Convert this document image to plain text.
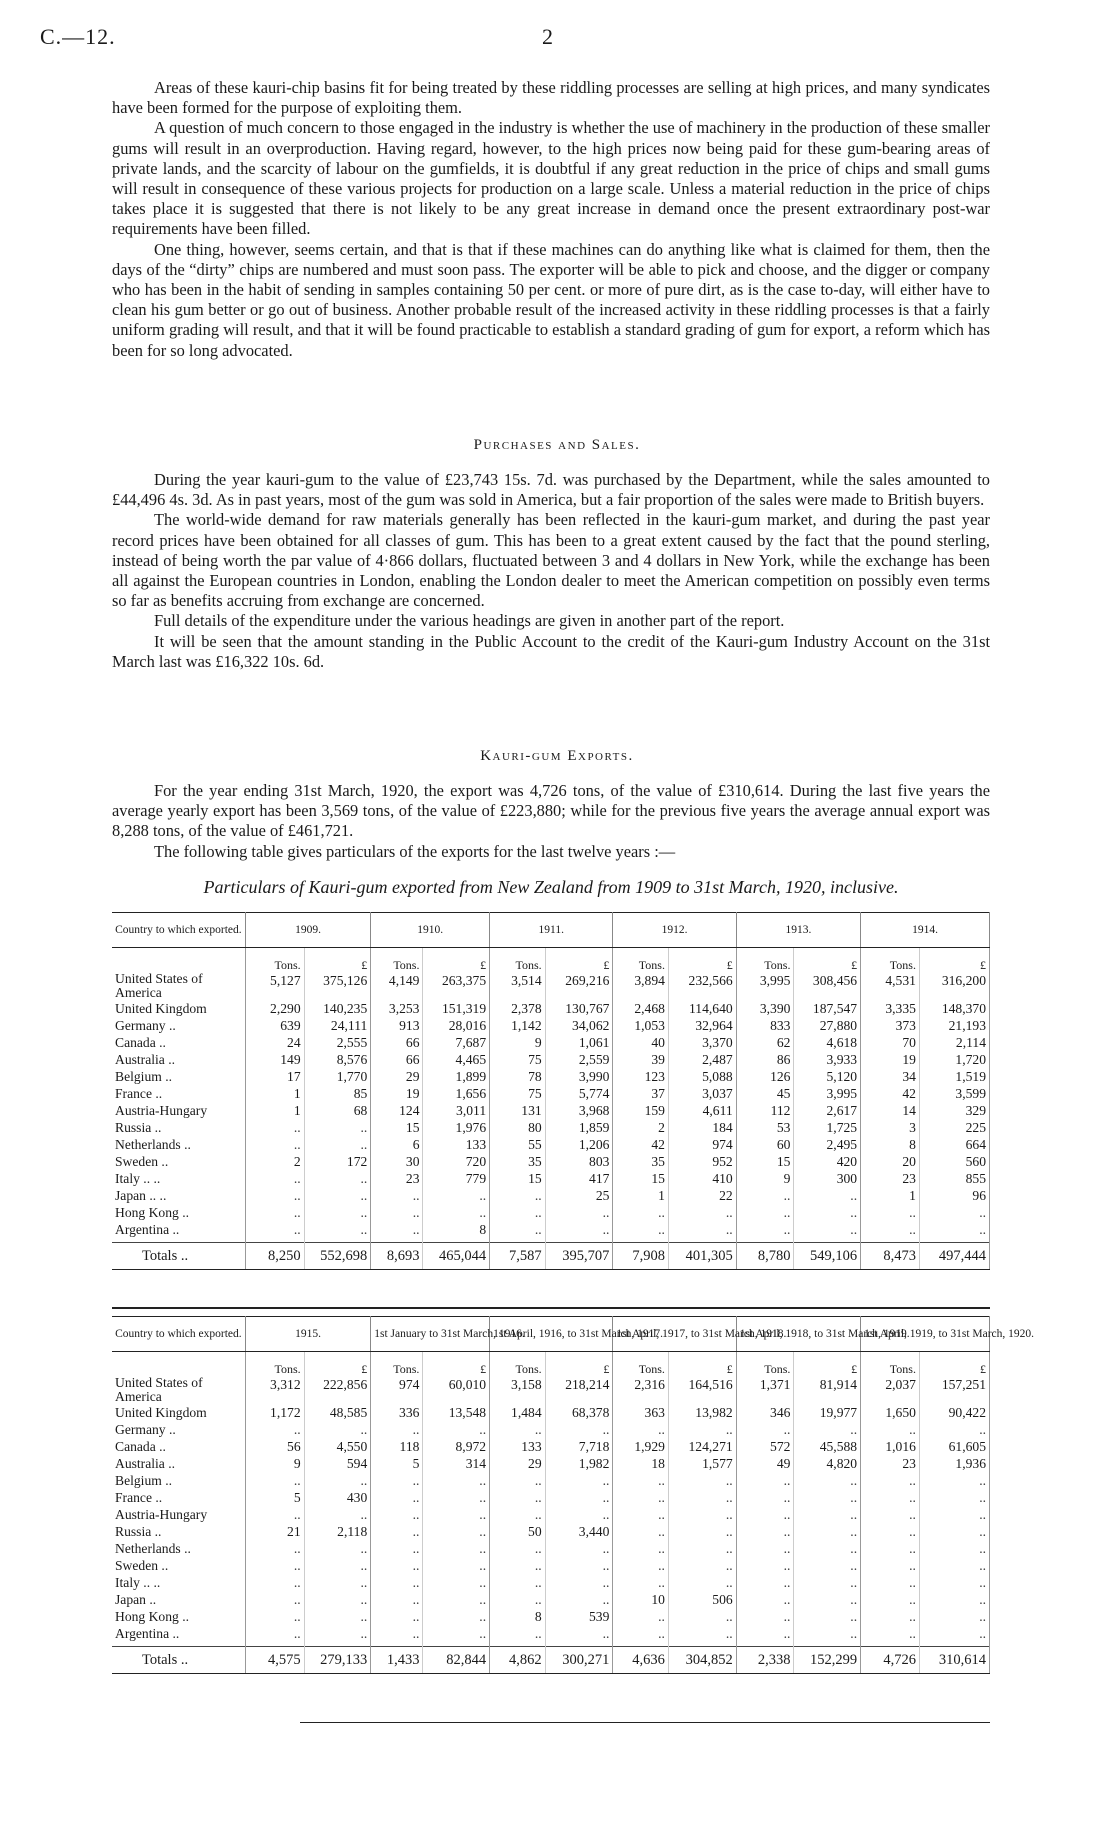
C.—12.	2

Areas of these kauri-chip basins fit for being treated by these riddling processes are selling at high prices, and many syndicates have been formed for the purpose of exploiting them.

A question of much concern to those engaged in the industry is whether the use of machinery in the production of these smaller gums will result in an overproduction. Having regard, however, to the high prices now being paid for these gum-bearing areas of private lands, and the scarcity of labour on the gumfields, it is doubtful if any great reduction in the price of chips and small gums will result in consequence of these various projects for production on a large scale. Unless a material reduction in the price of chips takes place it is suggested that there is not likely to be any great increase in demand once the present extraordinary post-war requirements have been filled.

One thing, however, seems certain, and that is that if these machines can do anything like what is claimed for them, then the days of the “dirty” chips are numbered and must soon pass. The exporter will be able to pick and choose, and the digger or company who has been in the habit of sending in samples containing 50 per cent. or more of pure dirt, as is the case to-day, will either have to clean his gum better or go out of business. Another probable result of the increased activity in these riddling processes is that a fairly uniform grading will result, and that it will be found practicable to establish a standard grading of gum for export, a reform which has been for so long advocated.

Purchases and Sales.

During the year kauri-gum to the value of £23,743 15s. 7d. was purchased by the Department, while the sales amounted to £44,496 4s. 3d. As in past years, most of the gum was sold in America, but a fair proportion of the sales were made to British buyers.

The world-wide demand for raw materials generally has been reflected in the kauri-gum market, and during the past year record prices have been obtained for all classes of gum. This has been to a great extent caused by the fact that the pound sterling, instead of being worth the par value of 4·866 dollars, fluctuated between 3 and 4 dollars in New York, while the exchange has been all against the European countries in London, enabling the London dealer to meet the American competition on possibly even terms so far as benefits accruing from exchange are concerned.

Full details of the expenditure under the various headings are given in another part of the report.

It will be seen that the amount standing in the Public Account to the credit of the Kauri-gum Industry Account on the 31st March last was £16,322 10s. 6d.

Kauri-gum Exports.

For the year ending 31st March, 1920, the export was 4,726 tons, of the value of £310,614. During the last five years the average yearly export has been 3,569 tons, of the value of £223,880; while for the previous five years the average annual export was 8,288 tons, of the value of £461,721.

The following table gives particulars of the exports for the last twelve years :—

Particulars of Kauri-gum exported from New Zealand from 1909 to 31st March, 1920, inclusive.
Country to which exported.	1909.		1910.		1911.		1912.		1913.		1914.	
	Tons.	£	Tons.	£	Tons.	£	Tons.	£	Tons.	£	Tons.	£
United States of America	5,127	375,126	4,149	263,375	3,514	269,216	3,894	232,566	3,995	308,456	4,531	316,200
United Kingdom	2,290	140,235	3,253	151,319	2,378	130,767	2,468	114,640	3,390	187,547	3,335	148,370
Germany ..	639	24,111	913	28,016	1,142	34,062	1,053	32,964	833	27,880	373	21,193
Canada ..	24	2,555	66	7,687	9	1,061	40	3,370	62	4,618	70	2,114
Australia ..	149	8,576	66	4,465	75	2,559	39	2,487	86	3,933	19	1,720
Belgium ..	17	1,770	29	1,899	78	3,990	123	5,088	126	5,120	34	1,519
France ..	1	85	19	1,656	75	5,774	37	3,037	45	3,995	42	3,599
Austria-Hungary	1	68	124	3,011	131	3,968	159	4,611	112	2,617	14	329
Russia ..	..	..	15	1,976	80	1,859	2	184	53	1,725	3	225
Netherlands ..	..	..	6	133	55	1,206	42	974	60	2,495	8	664
Sweden ..	2	172	30	720	35	803	35	952	15	420	20	560
Italy .. ..	..	..	23	779	15	417	15	410	9	300	23	855
Japan .. ..	..	..	..	..	..	25	1	22	..	..	1	96
Hong Kong ..	..	..	..	..	..	..	..	..	..	..	..	..
Argentina ..	..	..	..	8	..	..	..	..	..	..	..	..

Totals ..	8,250	552,698	8,693	465,044	7,587	395,707	7,908	401,305	8,780	549,106	8,473	497,444
Country to which exported.	1915.		1st January to 31st March, 1916.		1st April, 1916, to 31st March, 1917.		1st April, 1917, to 31st March, 1918.		1st April, 1918, to 31st March, 1919.		1st April, 1919, to 31st March, 1920.	
	Tons.	£	Tons.	£	Tons.	£	Tons.	£	Tons.	£	Tons.	£
United States of America	3,312	222,856	974	60,010	3,158	218,214	2,316	164,516	1,371	81,914	2,037	157,251
United Kingdom	1,172	48,585	336	13,548	1,484	68,378	363	13,982	346	19,977	1,650	90,422
Germany ..	..	..	..	..	..	..	..	..	..	..	..	..
Canada ..	56	4,550	118	8,972	133	7,718	1,929	124,271	572	45,588	1,016	61,605
Australia ..	9	594	5	314	29	1,982	18	1,577	49	4,820	23	1,936
Belgium ..	..	..	..	..	..	..	..	..	..	..	..	..
France ..	5	430	..	..	..	..	..	..	..	..	..	..
Austria-Hungary	..	..	..	..	..	..	..	..	..	..	..	..
Russia ..	21	2,118	..	..	50	3,440	..	..	..	..	..	..
Netherlands ..	..	..	..	..	..	..	..	..	..	..	..	..
Sweden ..	..	..	..	..	..	..	..	..	..	..	..	..
Italy .. ..	..	..	..	..	..	..	..	..	..	..	..	..
Japan ..	..	..	..	..	..	..	10	506	..	..	..	..
Hong Kong ..	..	..	..	..	8	539	..	..	..	..	..	..
Argentina ..	..	..	..	..	..	..	..	..	..	..	..	..

Totals ..	4,575	279,133	1,433	82,844	4,862	300,271	4,636	304,852	2,338	152,299	4,726	310,614
